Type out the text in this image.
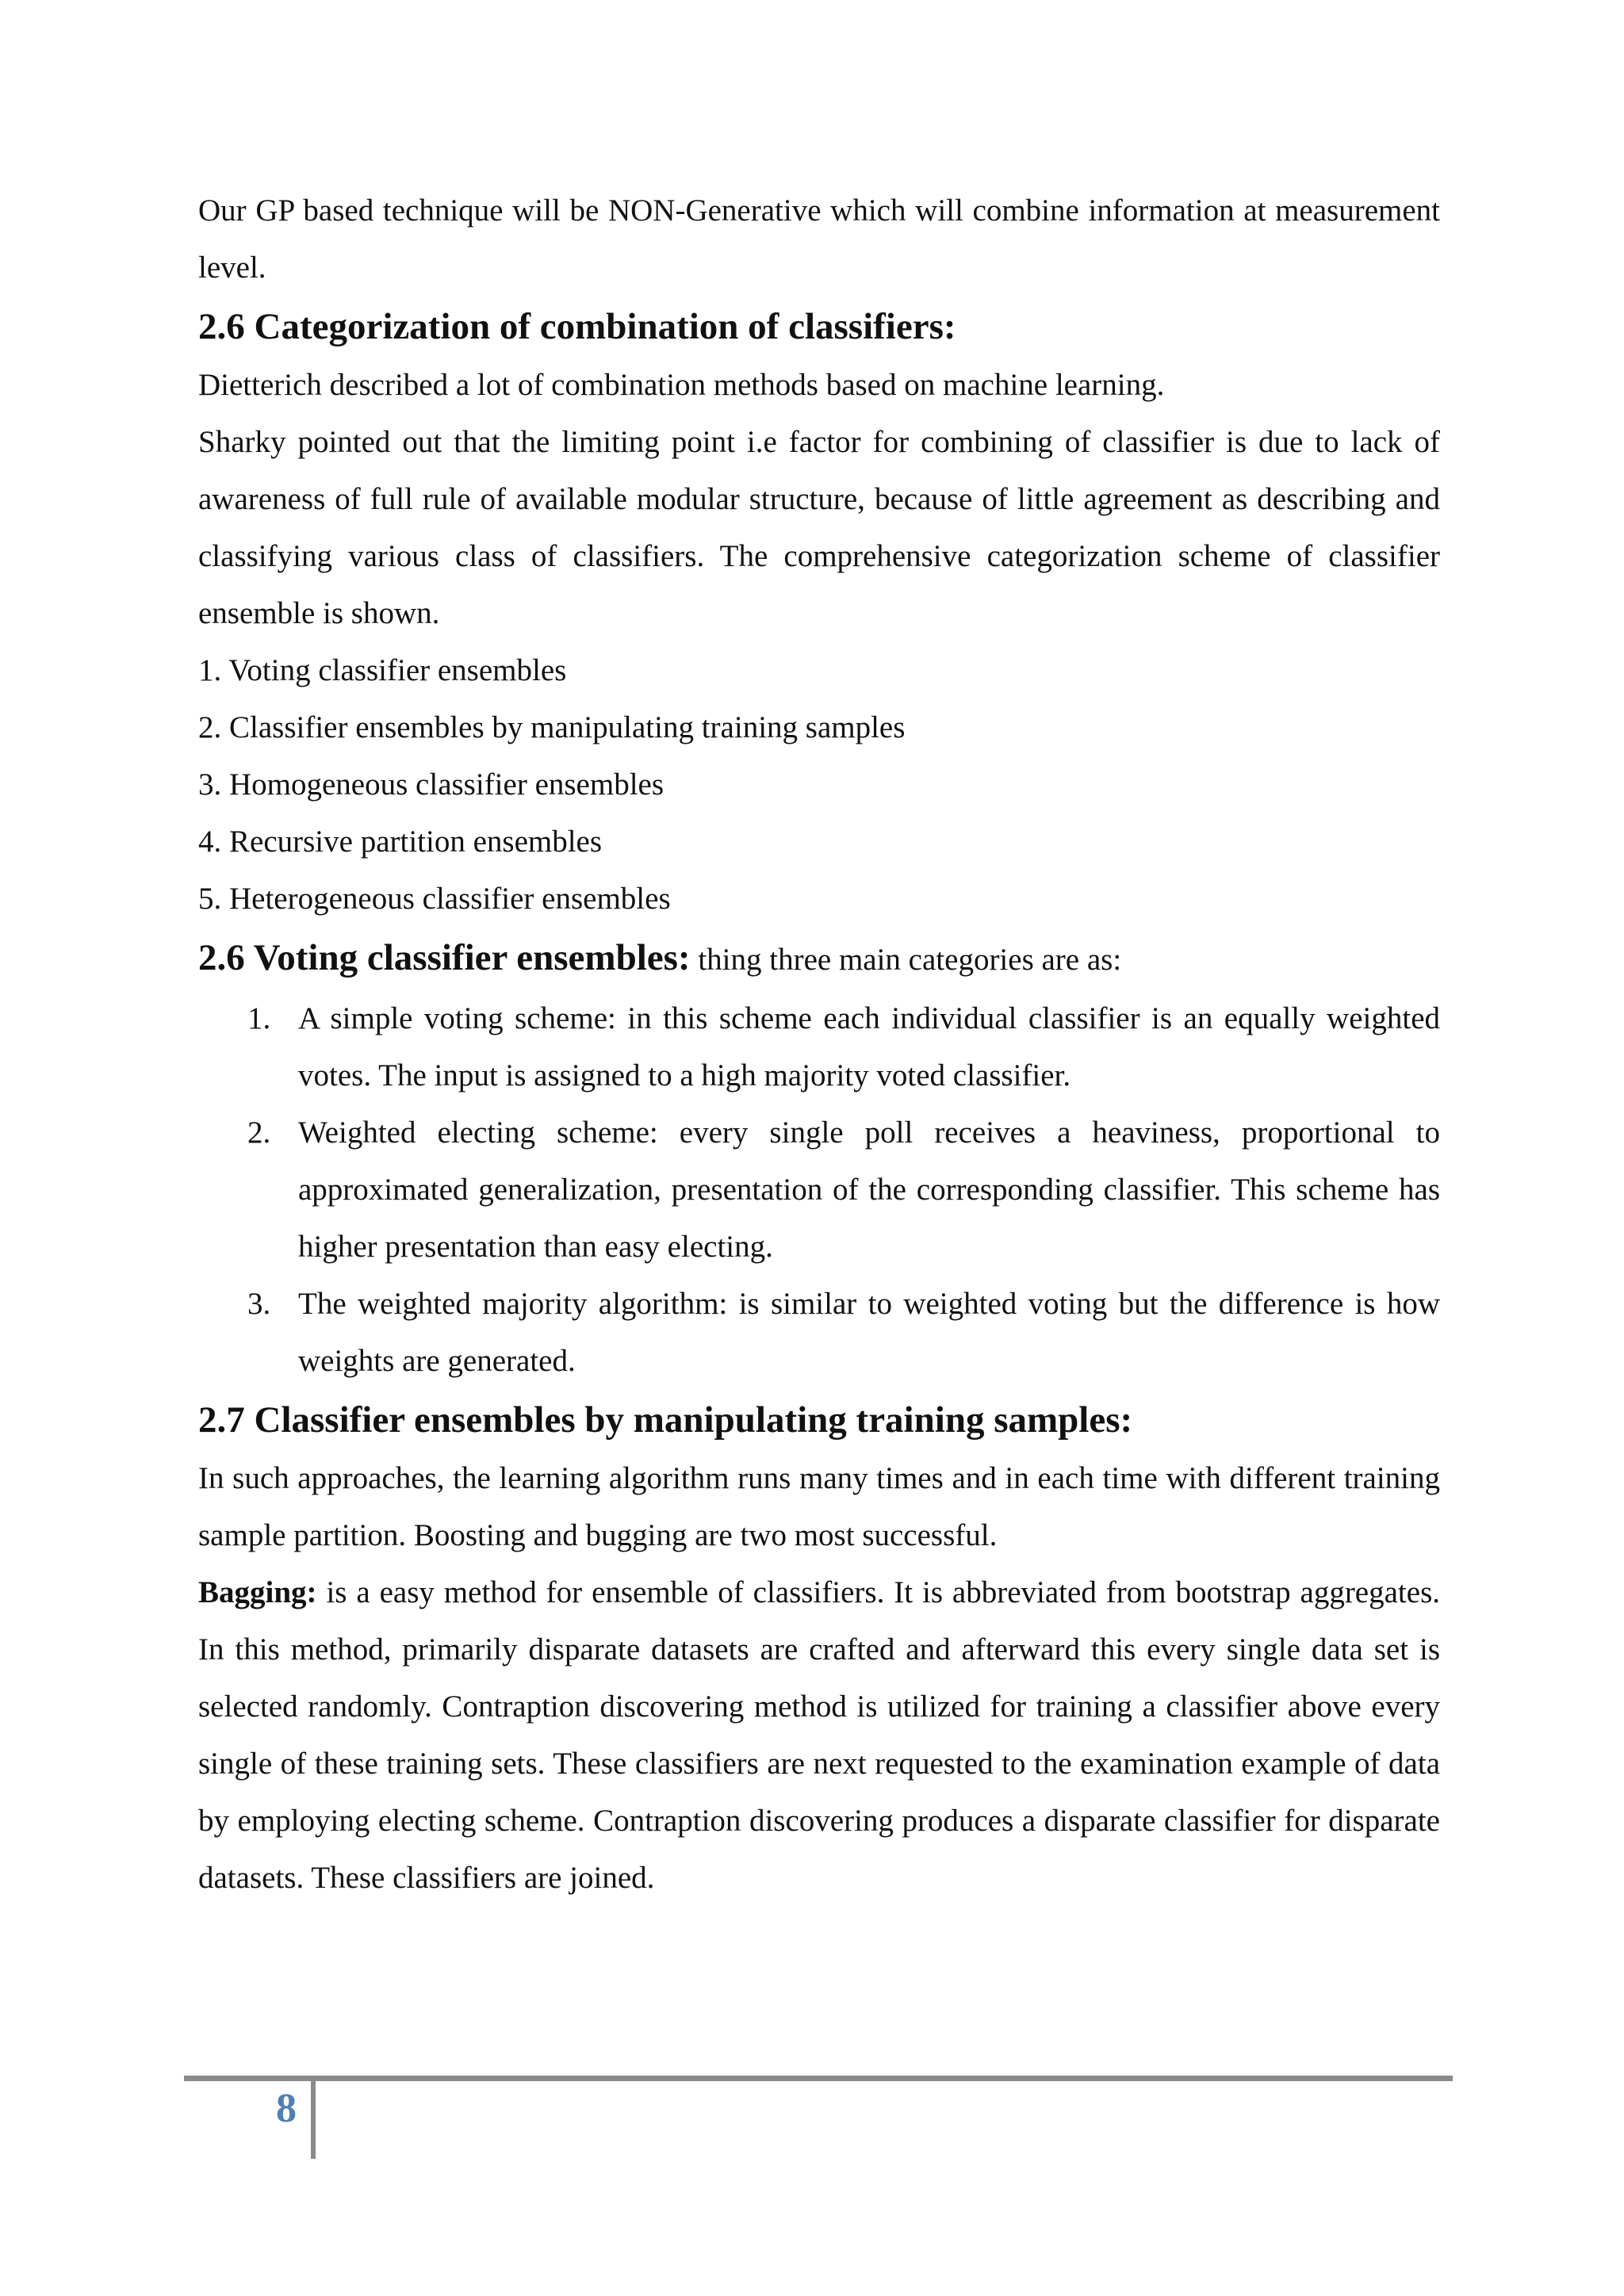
Our GP based technique will be NON-Generative which will combine information at measurement level.

2.6 Categorization of combination of classifiers:

Dietterich described a lot of combination methods based on machine learning.

Sharky pointed out that the limiting point i.e factor for combining of classifier is due to lack of awareness of full rule of available modular structure, because of little agreement as describing and classifying various class of classifiers. The comprehensive categorization scheme of classifier ensemble is shown.

1. Voting classifier ensembles

2. Classifier ensembles by manipulating training samples

3. Homogeneous classifier ensembles

4. Recursive partition ensembles

5. Heterogeneous classifier ensembles

2.6 Voting classifier ensembles: thing three main categories are as:
1. A simple voting scheme: in this scheme each individual classifier is an equally weighted votes. The input is assigned to a high majority voted classifier.
2. Weighted electing scheme: every single poll receives a heaviness, proportional to approximated generalization, presentation of the corresponding classifier. This scheme has higher presentation than easy electing.
3. The weighted majority algorithm: is similar to weighted voting but the difference is how weights are generated.
2.7 Classifier ensembles by manipulating training samples:

In such approaches, the learning algorithm runs many times and in each time with different training sample partition. Boosting and bugging are two most successful.

Bagging: is a easy method for ensemble of classifiers. It is abbreviated from bootstrap aggregates. In this method, primarily disparate datasets are crafted and afterward this every single data set is selected randomly. Contraption discovering method is utilized for training a classifier above every single of these training sets. These classifiers are next requested to the examination example of data by employing electing scheme. Contraption discovering produces a disparate classifier for disparate datasets. These classifiers are joined.

8
